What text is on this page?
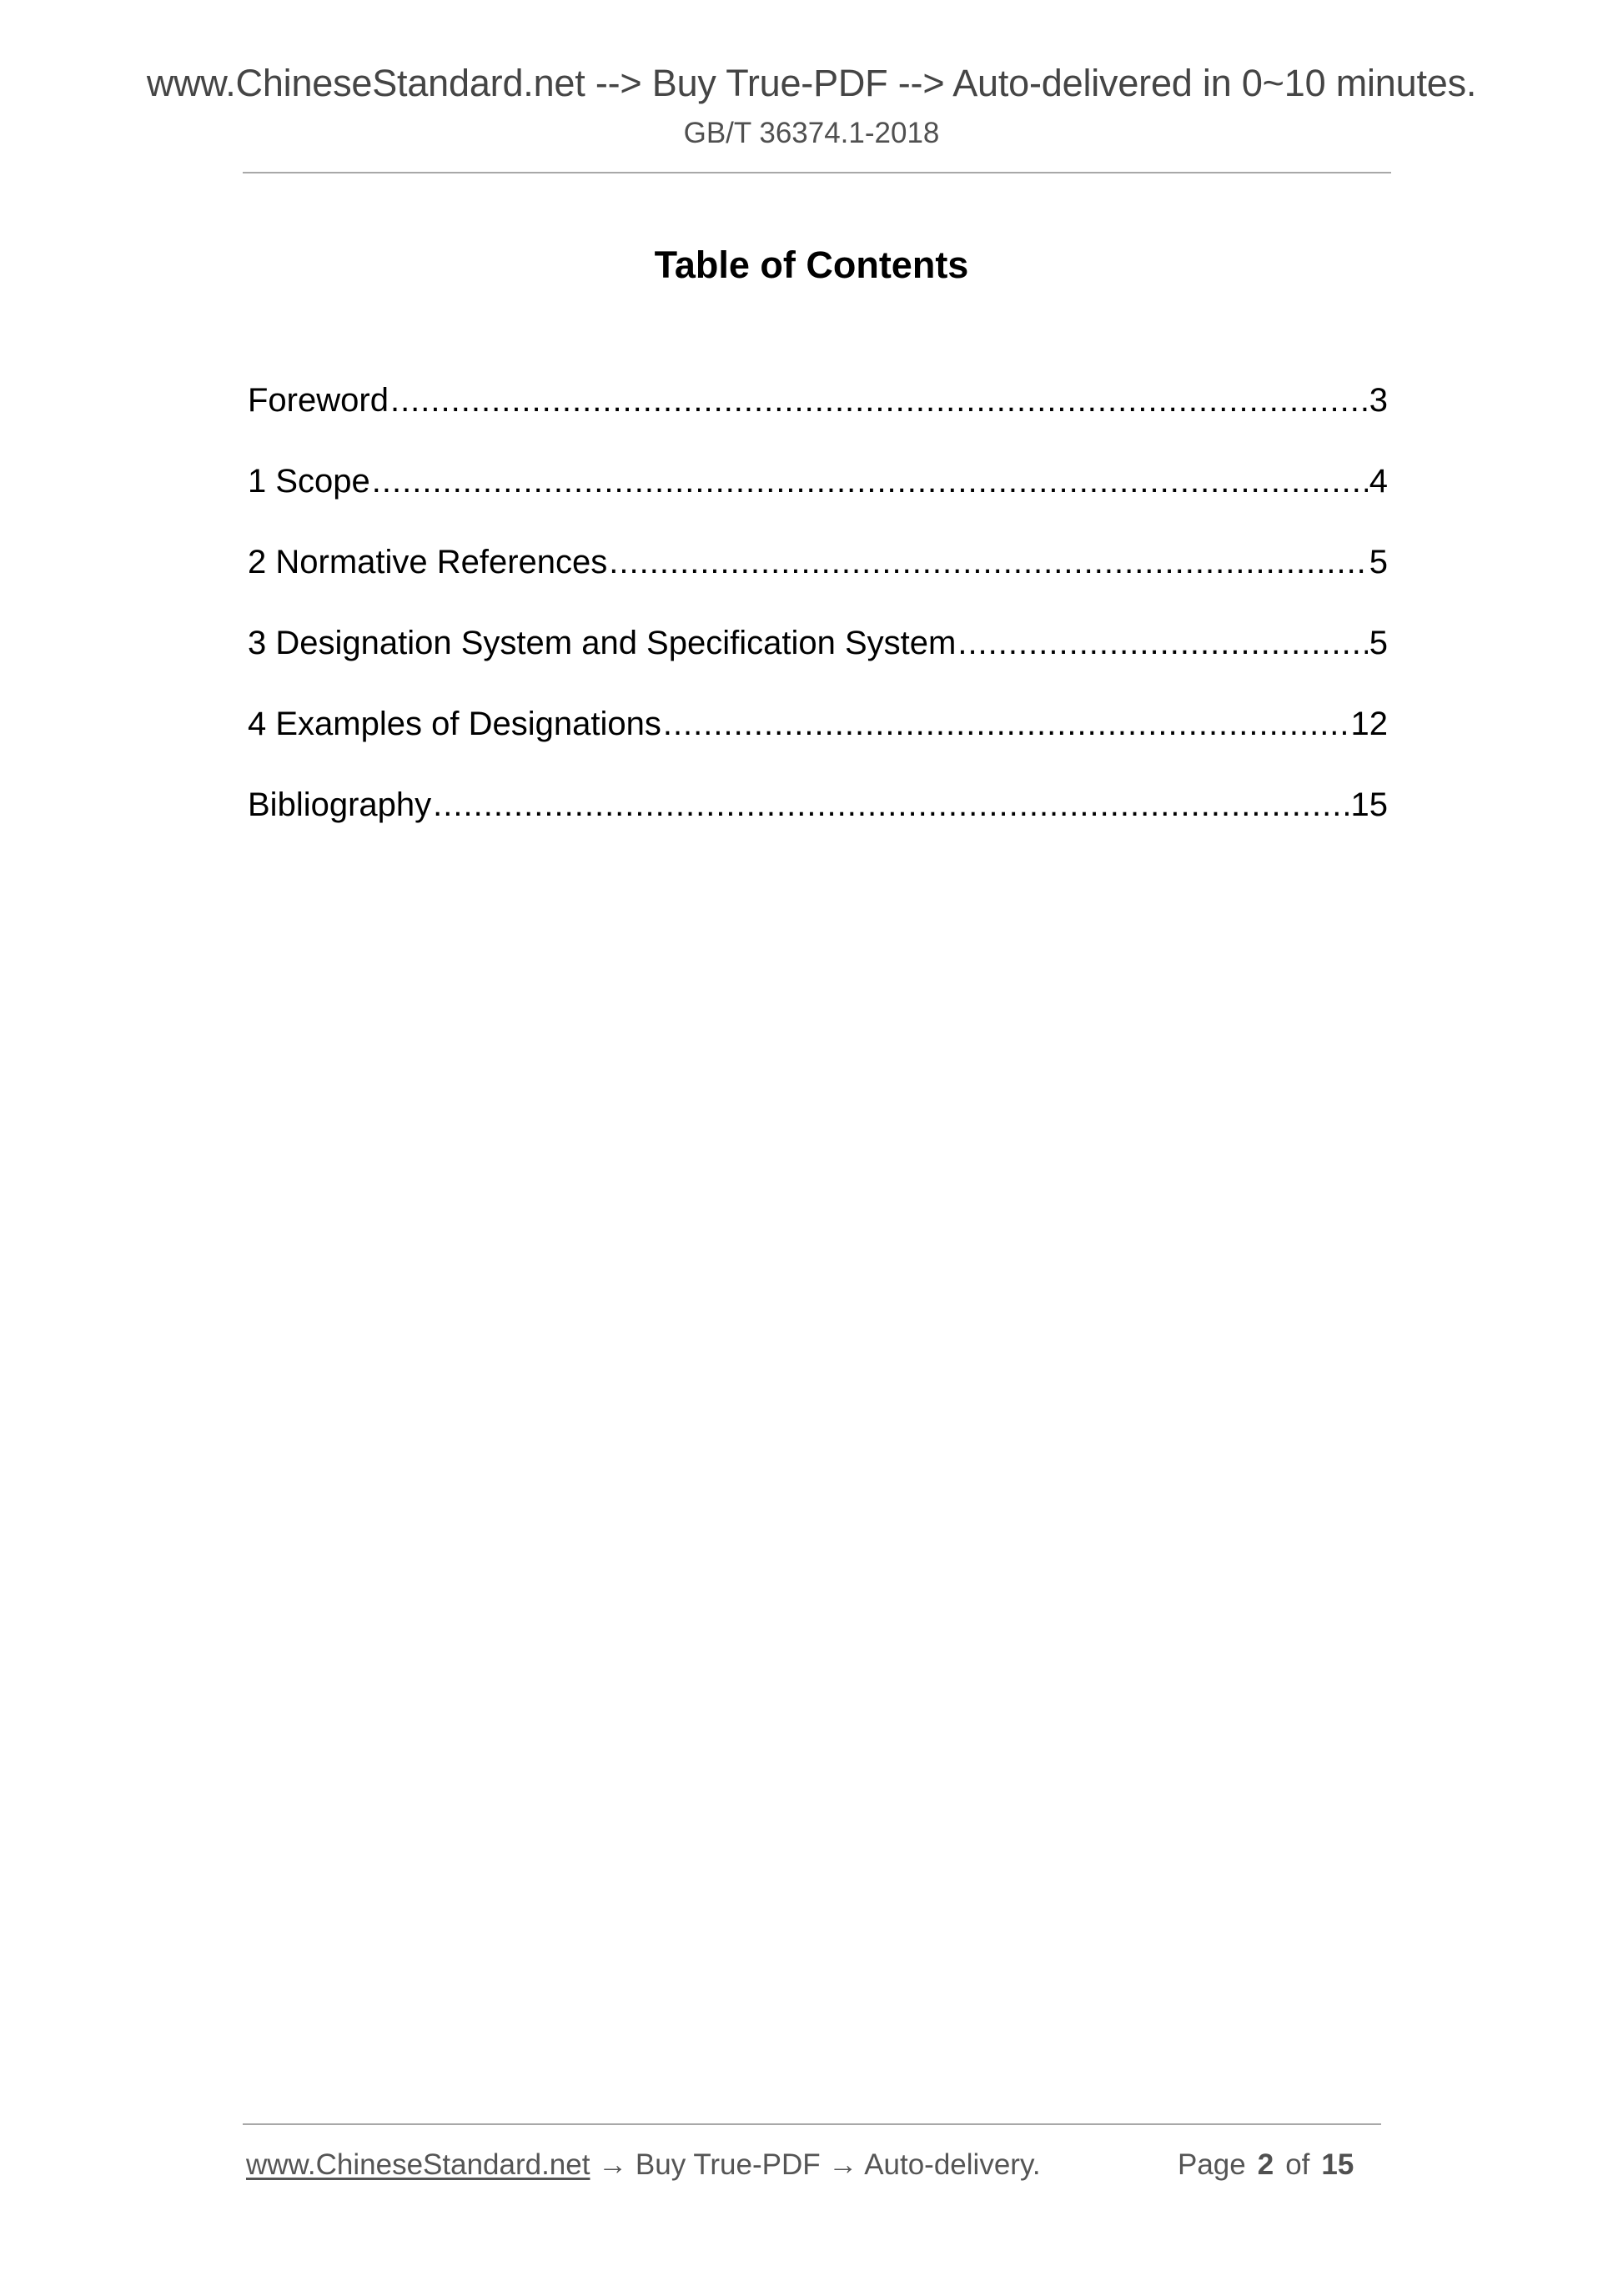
www.ChineseStandard.net --> Buy True-PDF --> Auto-delivered in 0~10 minutes.
GB/T 36374.1-2018
Table of Contents
Foreword .....	3
1 Scope .....	4
2 Normative References .....	5
3 Designation System and Specification System .....	5
4 Examples of Designations .....	12
Bibliography .....	15
www.ChineseStandard.net → Buy True-PDF → Auto-delivery.	Page 2 of 15
